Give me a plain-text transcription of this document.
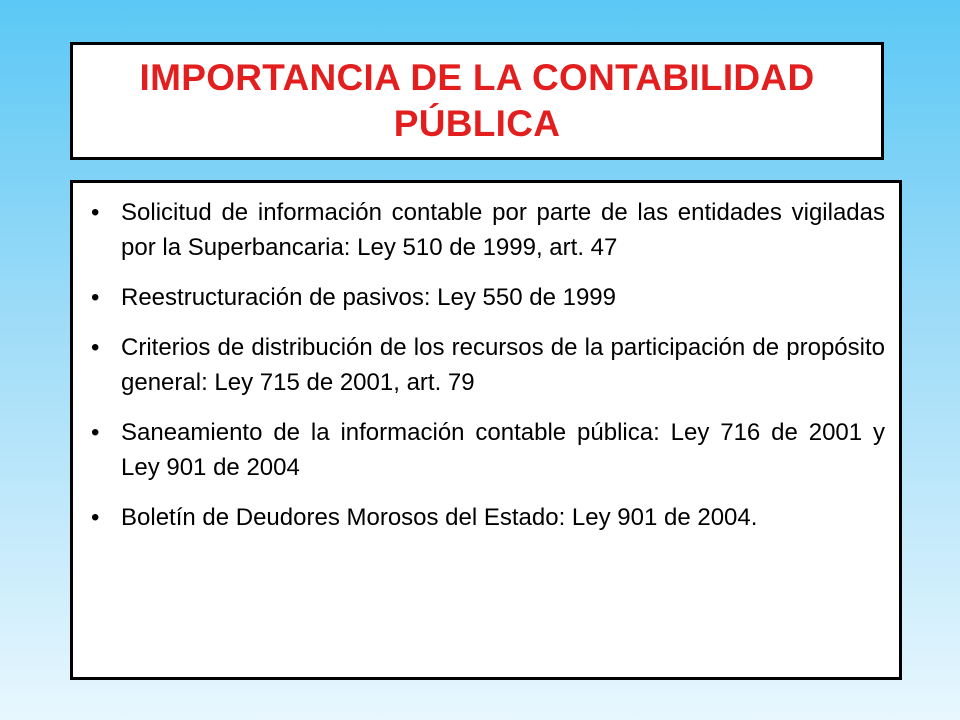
IMPORTANCIA DE LA CONTABILIDAD
PÚBLICA
• Solicitud de información contable por parte de las entidades vigiladas por la Superbancaria: Ley 510 de 1999, art. 47
• Reestructuración de pasivos: Ley 550 de 1999
• Criterios de distribución de los recursos de la participación de propósito general: Ley 715 de 2001, art. 79
• Saneamiento de la información contable pública: Ley 716 de 2001 y Ley 901 de 2004
• Boletín de Deudores Morosos del Estado: Ley 901 de 2004.
